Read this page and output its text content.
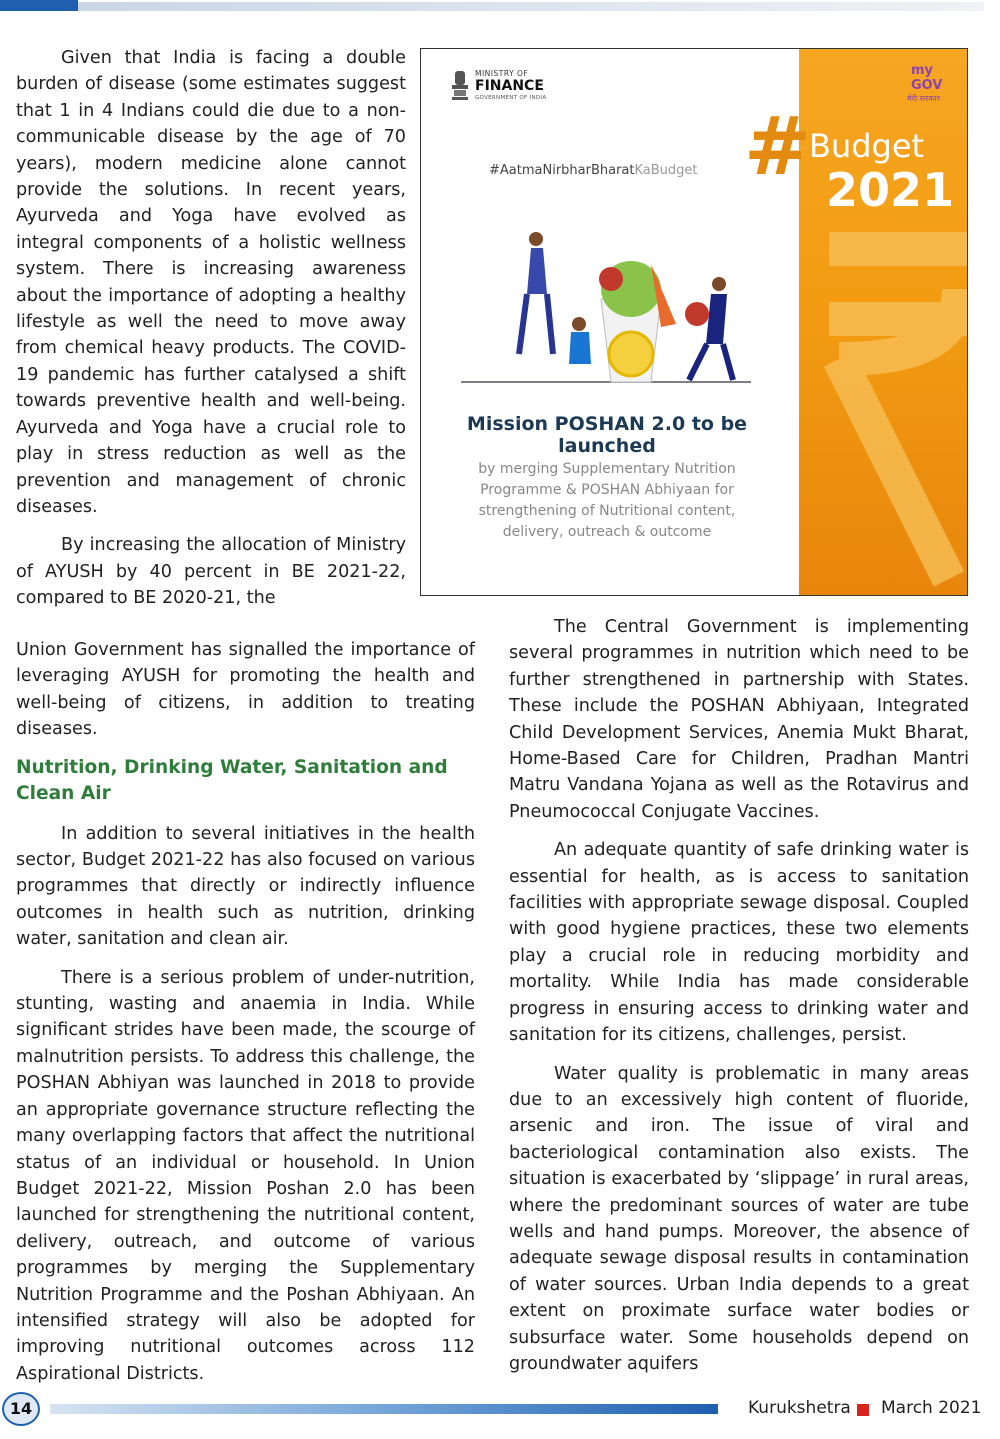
Given that India is facing a double burden of disease (some estimates suggest that 1 in 4 Indians could die due to a non-communicable disease by the age of 70 years), modern medicine alone cannot provide the solutions. In recent years, Ayurveda and Yoga have evolved as integral components of a holistic wellness system. There is increasing awareness about the importance of adopting a healthy lifestyle as well the need to move away from chemical heavy products. The COVID-19 pandemic has further catalysed a shift towards preventive health and well-being. Ayurveda and Yoga have a crucial role to play in stress reduction as well as the prevention and management of chronic diseases.

By increasing the allocation of Ministry of AYUSH by 40 percent in BE 2021-22, compared to BE 2020-21, the

MINISTRY OF
FINANCE
GOVERNMENT OF INDIA
#AatmaNirbharBharatKaBudget #
Budget
2021
my GOV
मेरी सरकार
Mission POSHAN 2.0 to be launched
by merging Supplementary Nutrition Programme & POSHAN Abhiyaan for strengthening of Nutritional content, delivery, outreach & outcome

Union Government has signalled the importance of leveraging AYUSH for promoting the health and well-being of citizens, in addition to treating diseases.

Nutrition, Drinking Water, Sanitation and Clean Air

In addition to several initiatives in the health sector, Budget 2021-22 has also focused on various programmes that directly or indirectly influence outcomes in health such as nutrition, drinking water, sanitation and clean air.

There is a serious problem of under-nutrition, stunting, wasting and anaemia in India. While significant strides have been made, the scourge of malnutrition persists. To address this challenge, the POSHAN Abhiyan was launched in 2018 to provide an appropriate governance structure reflecting the many overlapping factors that affect the nutritional status of an individual or household. In Union Budget 2021-22, Mission Poshan 2.0 has been launched for strengthening the nutritional content, delivery, outreach, and outcome of various programmes by merging the Supplementary Nutrition Programme and the Poshan Abhiyaan. An intensified strategy will also be adopted for improving nutritional outcomes across 112 Aspirational Districts.

The Central Government is implementing several programmes in nutrition which need to be further strengthened in partnership with States. These include the POSHAN Abhiyaan, Integrated Child Development Services, Anemia Mukt Bharat, Home-Based Care for Children, Pradhan Mantri Matru Vandana Yojana as well as the Rotavirus and Pneumococcal Conjugate Vaccines.

An adequate quantity of safe drinking water is essential for health, as is access to sanitation facilities with appropriate sewage disposal. Coupled with good hygiene practices, these two elements play a crucial role in reducing morbidity and mortality. While India has made considerable progress in ensuring access to drinking water and sanitation for its citizens, challenges, persist.

Water quality is problematic in many areas due to an excessively high content of fluoride, arsenic and iron. The issue of viral and bacteriological contamination also exists. The situation is exacerbated by ‘slippage’ in rural areas, where the predominant sources of water are tube wells and hand pumps. Moreover, the absence of adequate sewage disposal results in contamination of water sources. Urban India depends to a great extent on proximate surface water bodies or subsurface water. Some households depend on groundwater aquifers

14	Kurukshetra March 2021
